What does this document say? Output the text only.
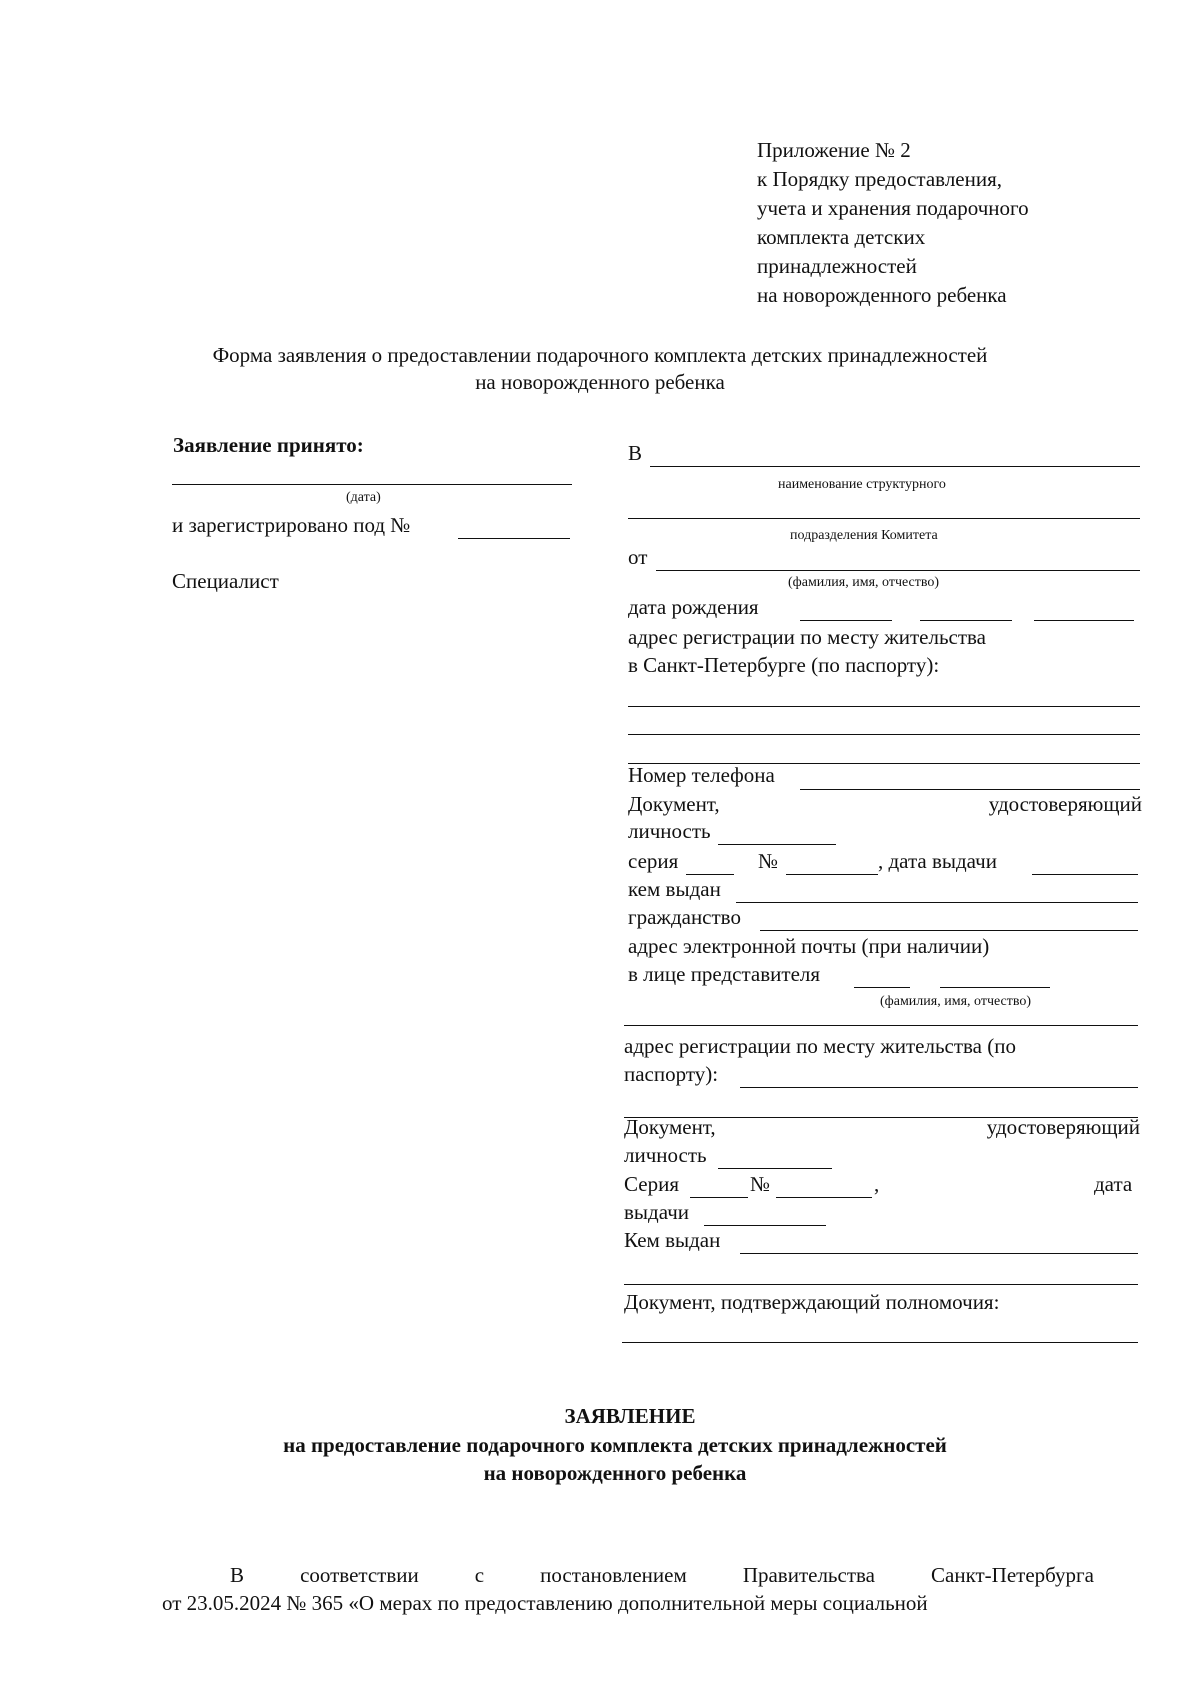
Приложение № 2
к Порядку предоставления,
учета и хранения подарочного
комплекта детских
принадлежностей
на новорожденного ребенка
Форма заявления о предоставлении подарочного комплекта детских принадлежностей
на новорожденного ребенка
Заявление принято:
(дата)
и зарегистрировано под №
Специалист
В
наименование структурного
подразделения Комитета
от
(фамилия, имя, отчество)
дата рождения
адрес регистрации по месту жительства
в Санкт-Петербурге (по паспорту):
Номер телефона
Документ,	удостоверяющий
личность
серия	№	, дата выдачи
кем выдан
гражданство
адрес электронной почты (при наличии)
в лице представителя
(фамилия, имя, отчество)
адрес регистрации по месту жительства (по
паспорту):
Документ,	удостоверяющий
личность
Серия	№	,	дата
выдачи
Кем выдан
Документ, подтверждающий полномочия:
ЗАЯВЛЕНИЕ
на предоставление подарочного комплекта детских принадлежностей
на новорожденного ребенка
В	соответствии	с	постановлением	Правительства	Санкт-Петербурга
от 23.05.2024 № 365 «О мерах по предоставлению дополнительной меры социальной
